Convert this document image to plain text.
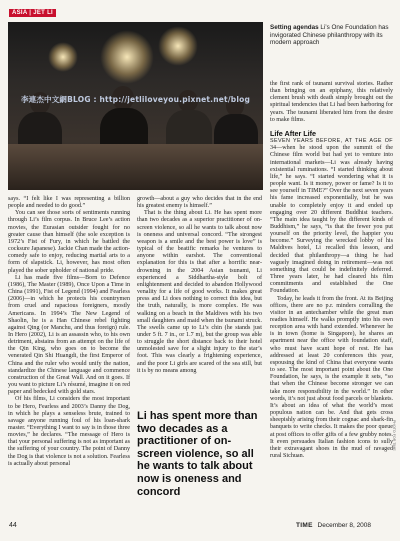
ASIA | JET LI
李連杰中文網BLOG : http://jetliloveyou.pixnet.net/blog
Setting agendas Li’s One Foundation has invigorated Chinese philanthropy with its modern approach

says. “I felt like I was representing a billion people and needed to do good.”

You can see those sorts of sentiments running through Li’s film corpus. In Bruce Lee’s action movies, the Eurasian outsider fought for no greater cause than himself (the sole exception is 1972’s Fist of Fury, in which he battled the cocksure Japanese). Jackie Chan made the action-comedy safe to enjoy, reducing martial arts to a form of slapstick. Li, however, has most often played the sober upholder of national pride.

Li has made five films—Born to Defence (1986), The Master (1989), Once Upon a Time in China (1991), Fist of Legend (1994) and Fearless (2006)—in which he protects his countrymen from cruel and rapacious foreigners, mostly Americans. In 1994’s The New Legend of Shaolin, he is a Han Chinese rebel fighting against Qing (or Manchu, and thus foreign) rule. In Hero (2002), Li is an assassin who, to his own detriment, abstains from an attempt on the life of the Qin King, who goes on to become the venerated Qin Shi Huangdi, the first Emperor of China and the ruler who would unify the nation, standardize the Chinese language and commence construction of the Great Wall. And on it goes. If you want to picture Li’s résumé, imagine it on red paper and bedecked with gold stars.

Of his films, Li considers the most important to be Hero, Fearless and 2003’s Danny the Dog, in which he plays a senseless brute, trained to savage anyone running foul of his loan-shark master. “Everything I want to say is in those three movies,” he declares. “The message of Hero is that your personal suffering is not as important as the suffering of your country. The point of Danny the Dog is that violence is not a solution. Fearless is actually about personal

growth—about a guy who decides that in the end his greatest enemy is himself.”

That is the thing about Li. He has spent more than two decades as a superior practitioner of on-screen violence, so all he wants to talk about now is oneness and universal concord. “The strongest weapon is a smile and the best power is love” is typical of the beatific remarks he ventures to anyone within earshot. The conventional explanation for this is that after a horrific near-drowning in the 2004 Asian tsunami, Li experienced a Siddhartha-style bolt of enlightenment and decided to abandon Hollywood venality for a life of good works. It makes great press and Li does nothing to correct this idea, but the truth, naturally, is more complex. He was walking on a beach in the Maldives with his two small daughters and maid when the tsunami struck. The swells came up to Li’s chin (he stands just under 5 ft. 7 in., or 1.7 m), but the group was able to struggle the short distance back to their hotel unmolested save for a slight injury to the star’s foot. This was clearly a frightening experience, and the poor Li girls are scared of the sea still, but it is by no means among

Li has spent more than two decades as a practitioner of on-screen violence, so all he wants to talk about now is oneness and concord

the first rank of tsunami survival stories. Rather than bringing on an epiphany, this relatively clement brush with death simply brought out the spiritual tendencies that Li had been harboring for years. The tsunami liberated him from the desire to make films.

Life After Life

SEVEN YEARS BEFORE, AT THE AGE OF 34—when he stood upon the summit of the Chinese film world but had yet to venture into international markets—Li was already having existential ruminations. “I started thinking about life,” he says. “I started wondering what it is people want. Is it money, power or fame? Is it to see yourself in TIME?” Over the next seven years his fame increased exponentially, but he was unable to completely enjoy it and ended up engaging over 20 different Buddhist teachers. “The main idea taught by the different kinds of Buddhism,” he says, “is that the fewer you put yourself on the priority level, the happier you become.” Surveying the wrecked lobby of his Maldives hotel, Li recalled this lesson, and decided that philanthropy—a thing he had vaguely imagined doing in retirement—was not something that could be indefinitely deferred. Three years later, he had cleared his film commitments and established the One Foundation.

Today, he leads it from the front. At its Beijing offices, there are no p.r. minders corralling the visitor in an antechamber while the great man readies himself. He walks promptly into his own reception area with hand extended. Whenever he is in town (home is Singapore), he shares an apartment near the office with foundation staff, who must have scant hope of rest. He has addressed at least 20 conferences this year, espousing the kind of China that everyone wants to see. The most important point about the One Foundation, he says, is the example it sets, “so that when the Chinese become stronger we can take more responsibility in the world.” In other words, it’s not just about food parcels or blankets. It’s about an idea of what the world’s most populous nation can be. And that gets cross sheepishly arising from their cognac and shark-fin banquets to write checks. It makes the poor queue at post offices to offer gifts of a few grubby notes. It even persuades Italian fashion icons to sully their extravagant shoes in the mud of ravaged rural Sichuan.

44	TIME December 8, 2008
PHOTO FOR TIME
